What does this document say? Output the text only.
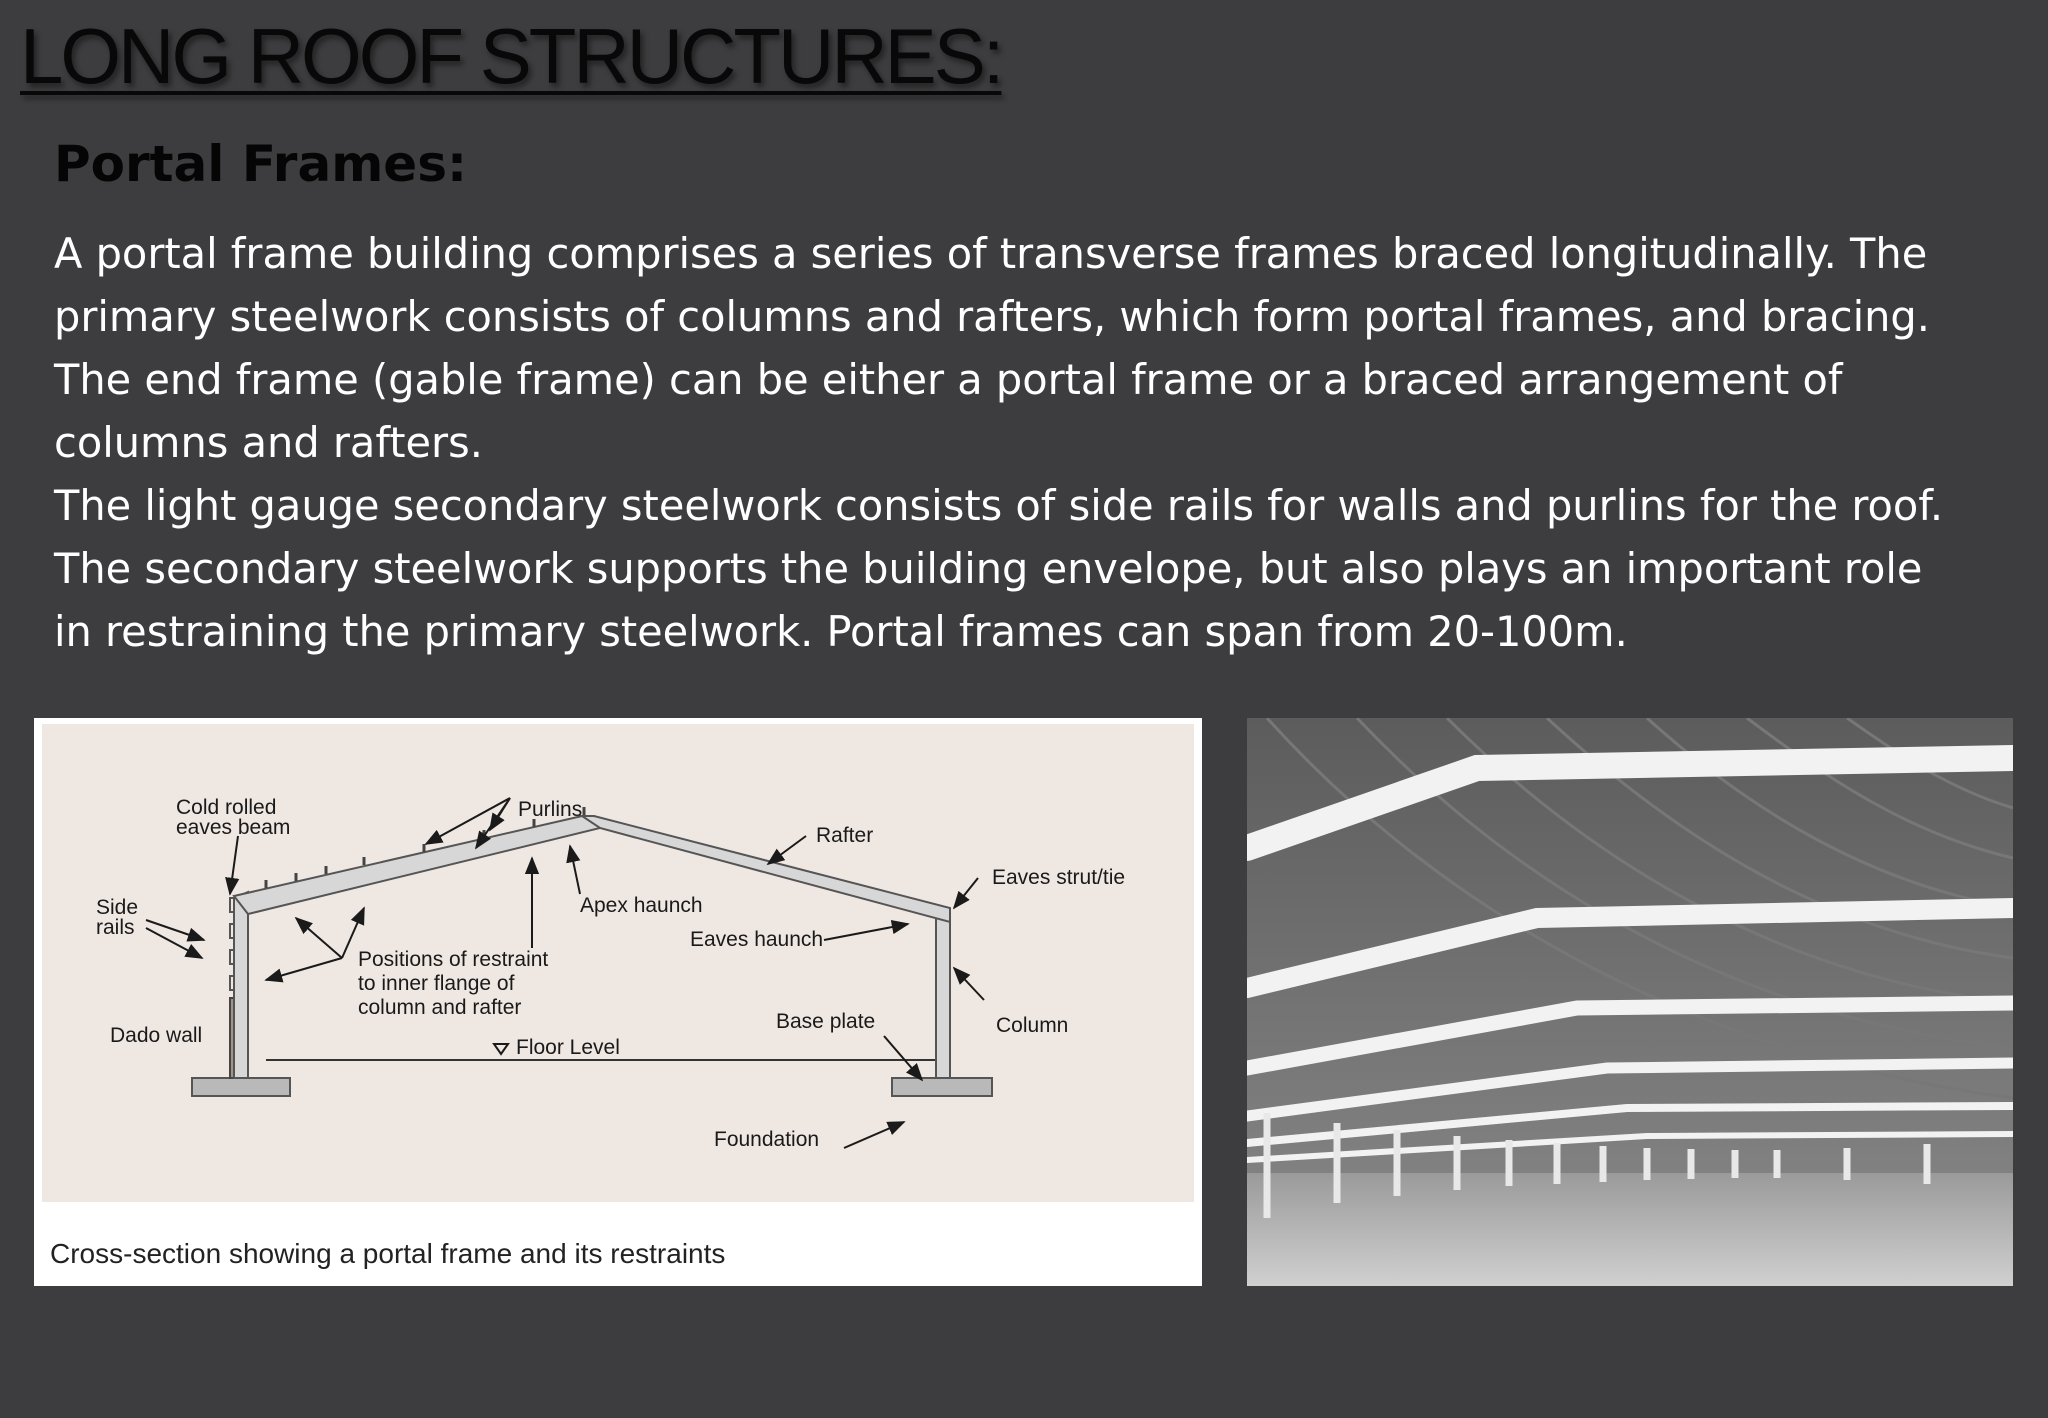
LONG ROOF STRUCTURES:
Portal Frames:

A portal frame building comprises a series of transverse frames braced longitudinally. The

primary steelwork consists of columns and rafters, which form portal frames, and bracing.

The end frame (gable frame) can be either a portal frame or a braced arrangement of

columns and rafters.

The light gauge secondary steelwork consists of side rails for walls and purlins for the roof.

The secondary steelwork supports the building envelope, but also plays an important role

in restraining the primary steelwork. Portal frames can span from 20-100m.

Cold rolled
eaves beam
Purlins
Rafter
Eaves strut/tie
Side
rails
Apex haunch
Eaves haunch
Positions of restraint
to inner flange of
column and rafter
Dado wall
Floor Level
Base plate	Column
Foundation
Cross-section showing a portal frame and its restraints
